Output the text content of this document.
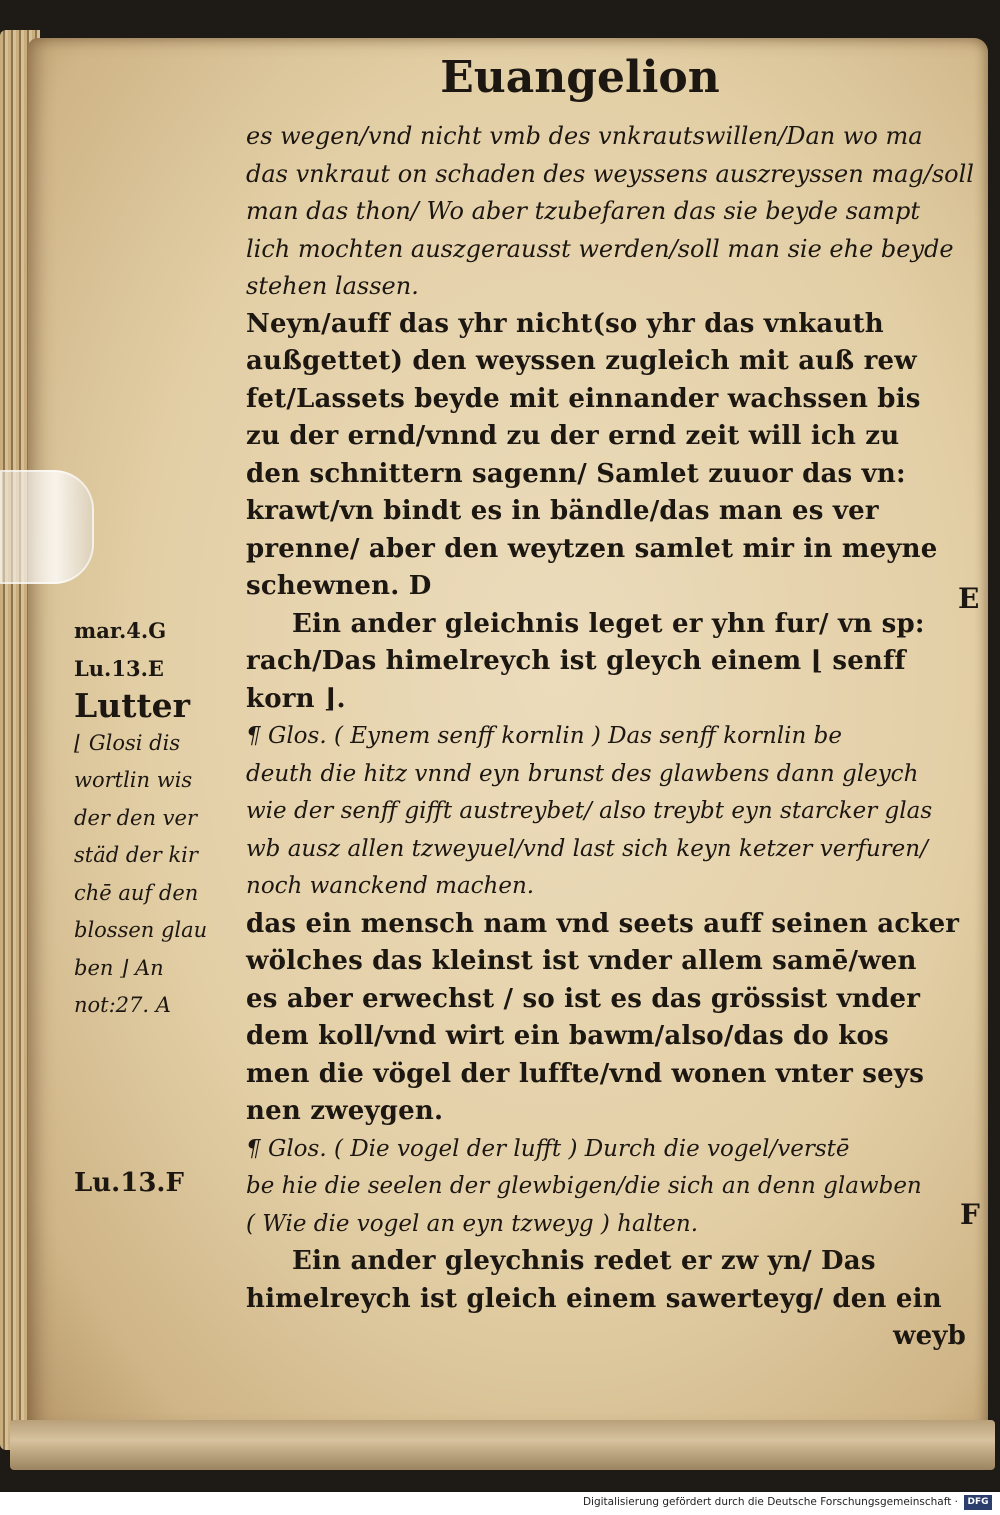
Euangelion
es wegen/vnd nicht vmb des vnkrautswillen/Dan wo ma
das vnkraut on schaden des weyssens auszreyssen mag/soll
man das thon/ Wo aber tzubefaren das sie beyde sampt
lich mochten auszgerausst werden/soll man sie ehe beyde
stehen lassen.
Neyn/auff das yhr nicht(so yhr das vnkauth
außgettet) den weyssen zugleich mit auß rew
fet/Lassets beyde mit einnander wachssen bis
zu der ernd/vnnd zu der ernd zeit will ich zu
den schnittern sagenn/ Samlet zuuor das vn:
krawt/vn bindt es in bändle/das man es ver
prenne/ aber den weytzen samlet mir in meyne
schewnen. D
Ein ander gleichnis leget er yhn fur/ vn sp:
rach/Das himelreych ist gleych einem ⌊ senff
korn ⌋.
¶ Glos. ( Eynem senff kornlin ) Das senff kornlin be
deuth die hitz vnnd eyn brunst des glawbens dann gleych
wie der senff gifft austreybet/ also treybt eyn starcker glas
wb ausz allen tzweyuel/vnd last sich keyn ketzer verfuren/
noch wanckend machen.
das ein mensch nam vnd seets auff seinen acker
wölches das kleinst ist vnder allem samē/wen
es aber erwechst / so ist es das grössist vnder
dem koll/vnd wirt ein bawm/also/das do kos
men die vögel der luffte/vnd wonen vnter seys
nen zweygen.
¶ Glos. ( Die vogel der lufft ) Durch die vogel/verstē
be hie die seelen der glewbigen/die sich an denn glawben
( Wie die vogel an eyn tzweyg ) halten.
Ein ander gleychnis redet er zw yn/ Das
himelreych ist gleich einem sawerteyg/ den ein
weyb
mar.4.G
Lu.13.E
Lutter
⌊ Glosi dis
wortlin wis
der den ver
städ der kir
chē auf den
blossen glau
ben ⌋ An
not:27. A
Lu.13.F
E
F
Digitalisierung gefördert durch die Deutsche Forschungsgemeinschaft ·	DFG
